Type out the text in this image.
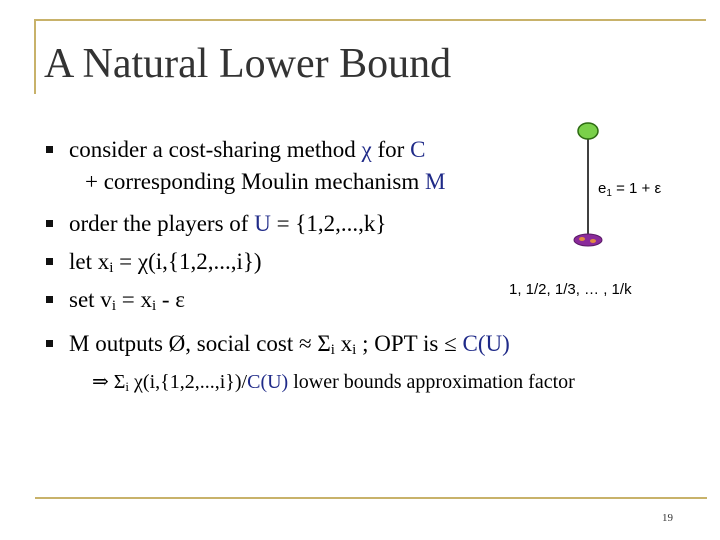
A Natural Lower Bound
consider a cost-sharing method χ for C
+ corresponding Moulin mechanism M
order the players of U = {1,2,...,k}
let xi = χ(i,{1,2,...,i})
set vi = xi - ε
M outputs Ø, social cost ≈ Σi xi ; OPT is ≤ C(U)
⇒ Σi χ(i,{1,2,...,i})/C(U) lower bounds approximation factor
$e_1 = 1 + \varepsilon$
1, 1/2, 1/3, … , 1/k
19
